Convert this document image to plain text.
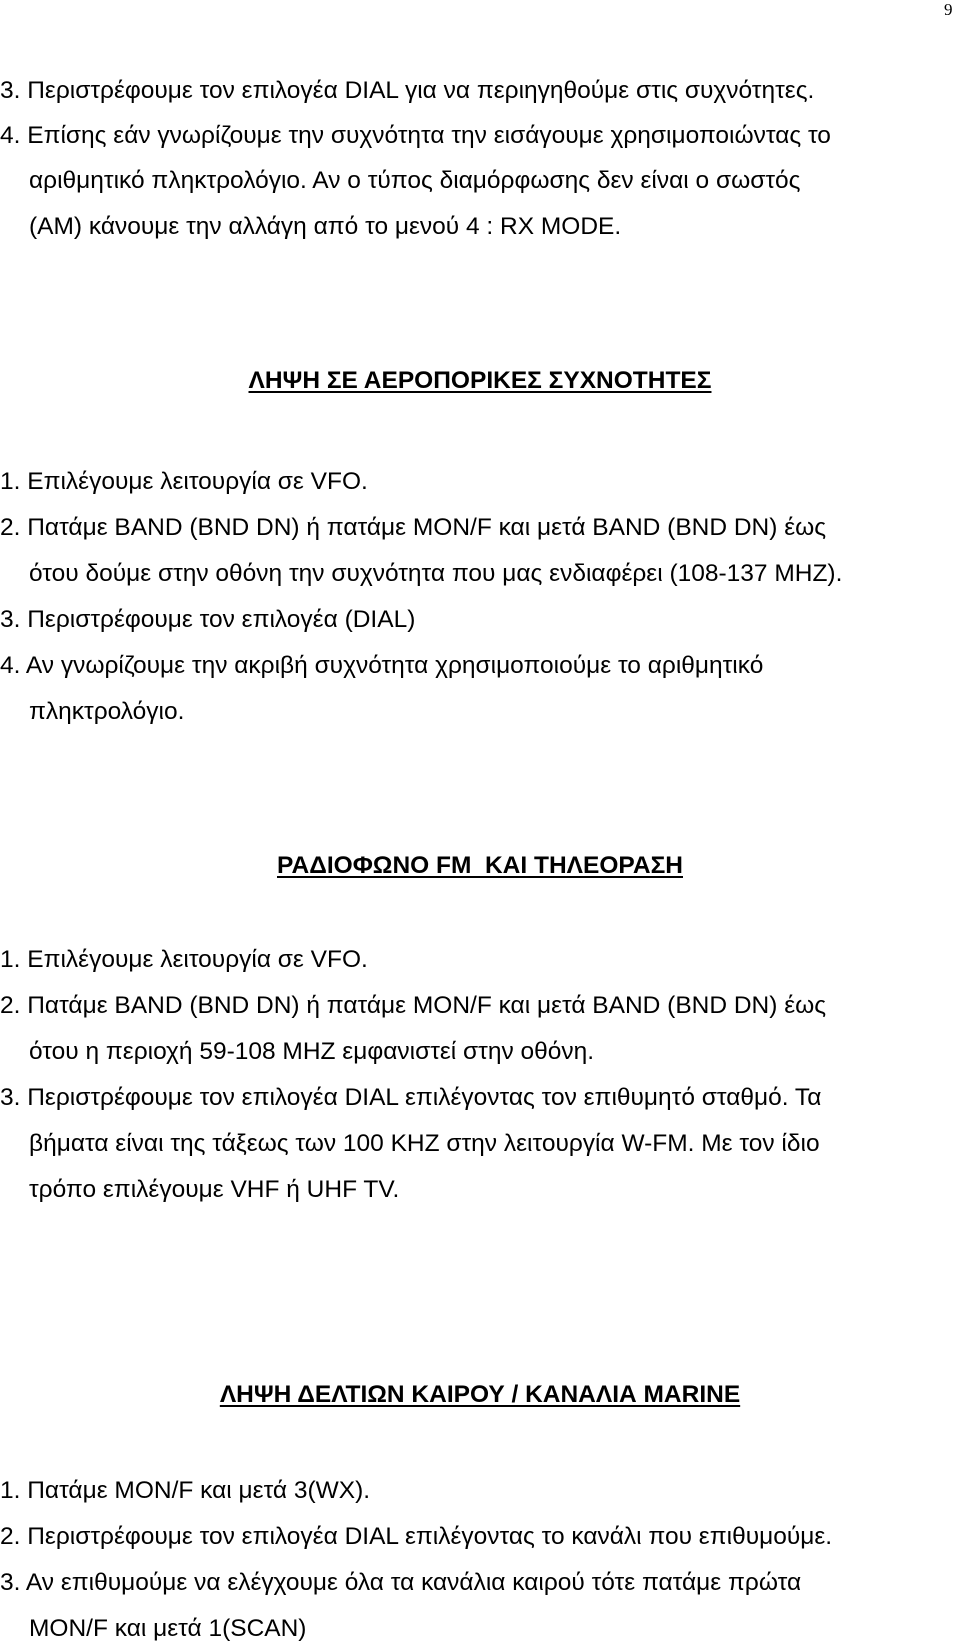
9
3. Περιστρέφουμε τον επιλογέα DIAL για να περιηγηθούμε στις συχνότητες.
4. Επίσης εάν γνωρίζουμε την συχνότητα την εισάγουμε χρησιμοποιώντας το
αριθμητικό πληκτρολόγιο. Αν ο τύπος διαμόρφωσης δεν είναι ο σωστός
(AM) κάνουμε την αλλάγη από το μενού 4 : RX MODE.
ΛΗΨΗ ΣΕ ΑΕΡΟΠΟΡΙΚΕΣ ΣΥΧΝΟΤΗΤΕΣ
1. Επιλέγουμε λειτουργία σε VFO.
2. Πατάμε BAND (BND DN) ή πατάμε MON/F και μετά BAND (BND DN) έως
ότου δούμε στην οθόνη την συχνότητα που μας ενδιαφέρει (108-137 MHZ).
3. Περιστρέφουμε τον επιλογέα (DIAL)
4. Αν γνωρίζουμε την ακριβή συχνότητα χρησιμοποιούμε το αριθμητικό
πληκτρολόγιο.
ΡΑΔΙΟΦΩΝΟ FM  ΚΑΙ ΤΗΛΕΟΡΑΣΗ
1. Επιλέγουμε λειτουργία σε VFO.
2. Πατάμε BAND (BND DN) ή πατάμε MON/F και μετά BAND (BND DN) έως
ότου η περιοχή 59-108 MHZ εμφανιστεί στην οθόνη.
3. Περιστρέφουμε τον επιλογέα DIAL επιλέγοντας τον επιθυμητό σταθμό. Τα
βήματα είναι της τάξεως των 100 KHZ στην λειτουργία W-FM. Με τον ίδιο
τρόπο επιλέγουμε VHF ή UHF TV.
ΛΗΨΗ ΔΕΛΤΙΩΝ ΚΑΙΡΟΥ / ΚΑΝΑΛΙΑ MARINE
1. Πατάμε MON/F και μετά 3(WX).
2. Περιστρέφουμε τον επιλογέα DIAL επιλέγοντας το κανάλι που επιθυμούμε.
3. Αν επιθυμούμε να ελέγχουμε όλα τα κανάλια καιρού τότε πατάμε πρώτα
MON/F και μετά 1(SCAN)
